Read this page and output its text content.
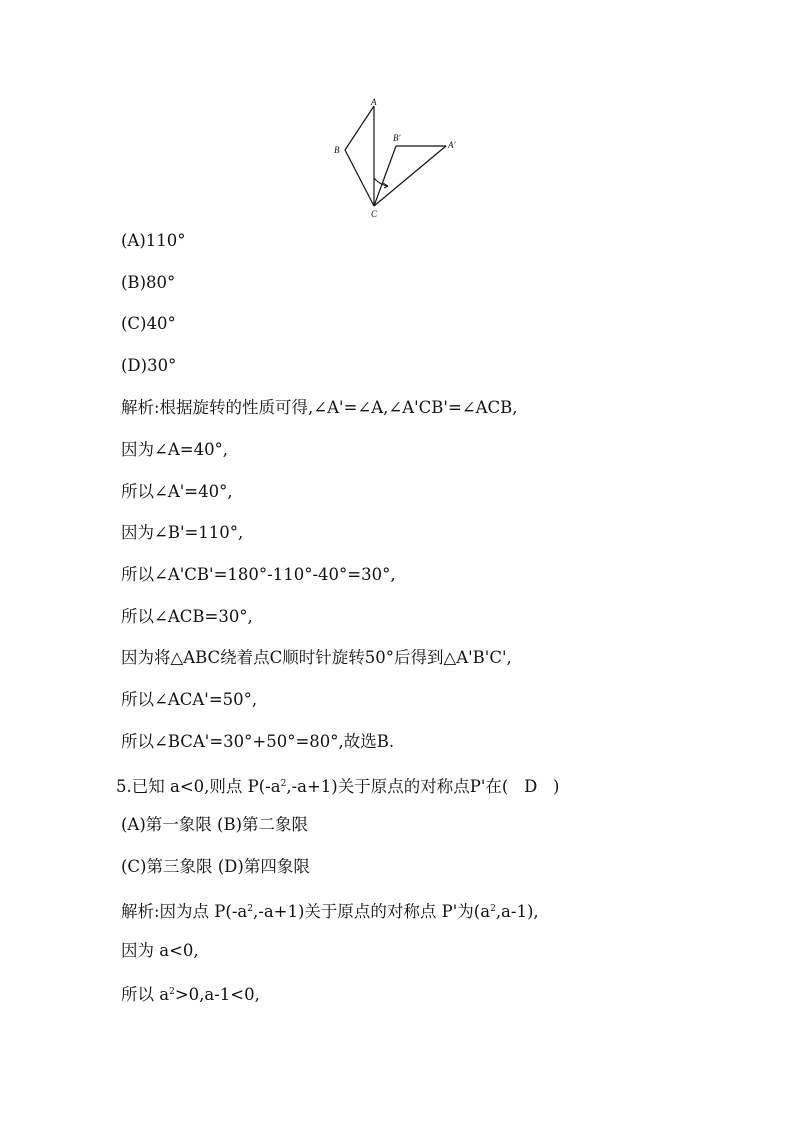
A
B
C
B'
A'
(A)110°
(B)80°
(C)40°
(D)30°
解析:根据旋转的性质可得,∠A'=∠A,∠A'CB'=∠ACB,
因为∠A=40°,
所以∠A'=40°,
因为∠B'=110°,
所以∠A'CB'=180°-110°-40°=30°,
所以∠ACB=30°,
因为将△ABC绕着点C顺时针旋转50°后得到△A'B'C',
所以∠ACA'=50°,
所以∠BCA'=30°+50°=80°,故选B.
5.已知 a<0,则点 $P(-a^2,-a+1)$关于原点的对称点P'在(   D   )
(A)第一象限 (B)第二象限
(C)第三象限 (D)第四象限
解析:因为点 $P(-a^2,-a+1)$关于原点的对称点 P'为$(a^2,a-1)$,
因为 a<0,
所以 $a^2>0,a-1<0$,
